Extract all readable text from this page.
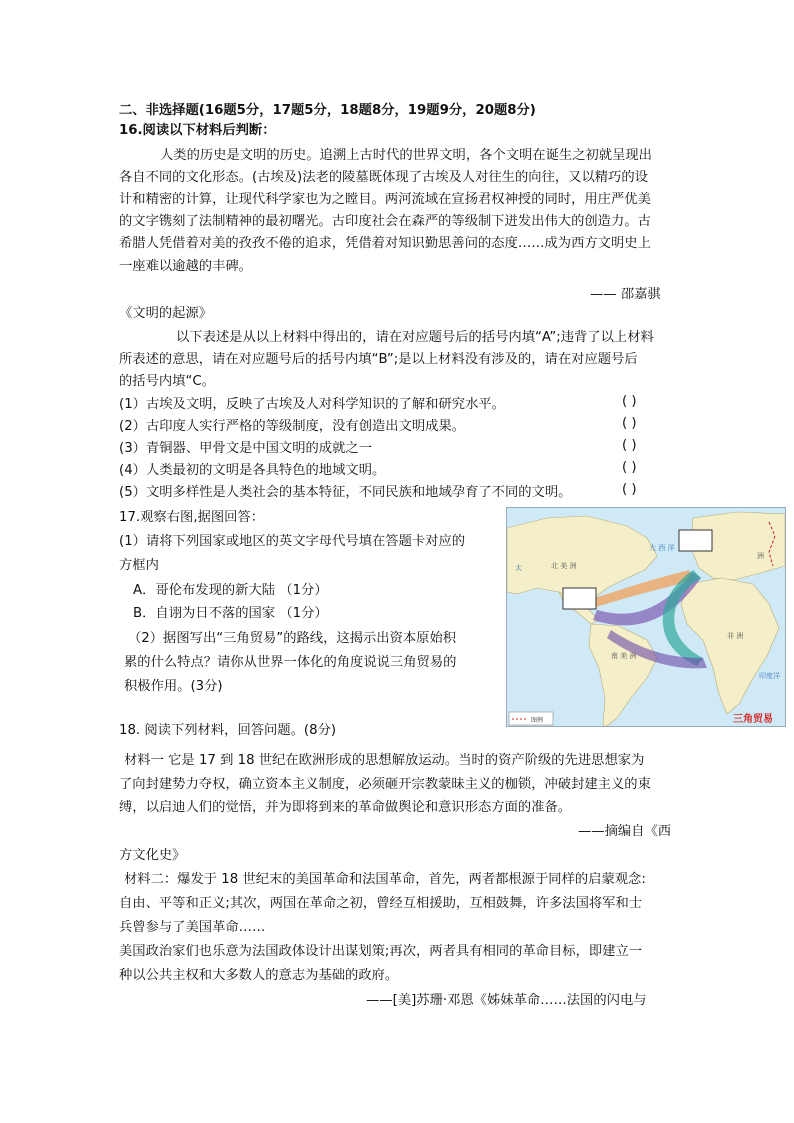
二、非选择题(16题5分，17题5分，18题8分，19题9分，20题8分)
16.阅读以下材料后判断：
人类的历史是文明的历史。追溯上古时代的世界文明，各个文明在诞生之初就呈现出
各自不同的文化形态。(古埃及)法老的陵墓既体现了古埃及人对往生的向往，又以精巧的设
计和精密的计算，让现代科学家也为之瞠目。两河流域在宣扬君权神授的同时，用庄严优美
的文字镌刻了法制精神的最初曙光。古印度社会在森严的等级制下迸发出伟大的创造力。古
希腊人凭借着对美的孜孜不倦的追求，凭借着对知识勤思善问的态度……成为西方文明史上
一座难以逾越的丰碑。
—— 邵嘉骐
《文明的起源》
以下表述是从以上材料中得出的，请在对应题号后的括号内填“A”;违背了以上材料
所表述的意思，请在对应题号后的括号内填“B”;是以上材料没有涉及的，请在对应题号后
的括号内填“C。
(1）古埃及文明，反映了古埃及人对科学知识的了解和研究水平。	( )
(2）古印度人实行严格的等级制度，没有创造出文明成果。	( )
(3）青铜器、甲骨文是中国文明的成就之一	( )
(4）人类最初的文明是各具特色的地域文明。	( )
(5）文明多样性是人类社会的基本特征，不同民族和地域孕育了不同的文明。	( )
17.观察右图,据图回答：
(1）请将下列国家或地区的英文字母代号填在答题卡对应的
方框内
A．哥伦布发现的新大陆 （1分）
B．自诩为日不落的国家 （1分）
（2）据图写出“三角贸易”的路线，这揭示出资本原始积
累的什么特点？请你从世界一体化的角度说说三角贸易的
积极作用。(3分)
北 美 洲
南 美 洲
洲
非 洲
大 西 洋
太
印度洋
图例	三角贸易
18. 阅读下列材料，回答问题。(8分)
材料一 它是 17 到 18 世纪在欧洲形成的思想解放运动。当时的资产阶级的先进思想家为
了向封建势力夺权，确立资本主义制度，必须砸开宗教蒙昧主义的枷锁，冲破封建主义的束
缚，以启迪人们的觉悟，并为即将到来的革命做舆论和意识形态方面的准备。
——摘编自《西
方文化史》
材料二：爆发于 18 世纪末的美国革命和法国革命，首先，两者都根源于同样的启蒙观念:
自由、平等和正义;其次，两国在革命之初，曾经互相援助，互相鼓舞，许多法国将军和士
兵曾参与了美国革命……
美国政治家们也乐意为法国政体设计出谋划策;再次，两者具有相同的革命目标，即建立一
种以公共主权和大多数人的意志为基础的政府。
——[美]苏珊·邓恩《姊妹革命……法国的闪电与
